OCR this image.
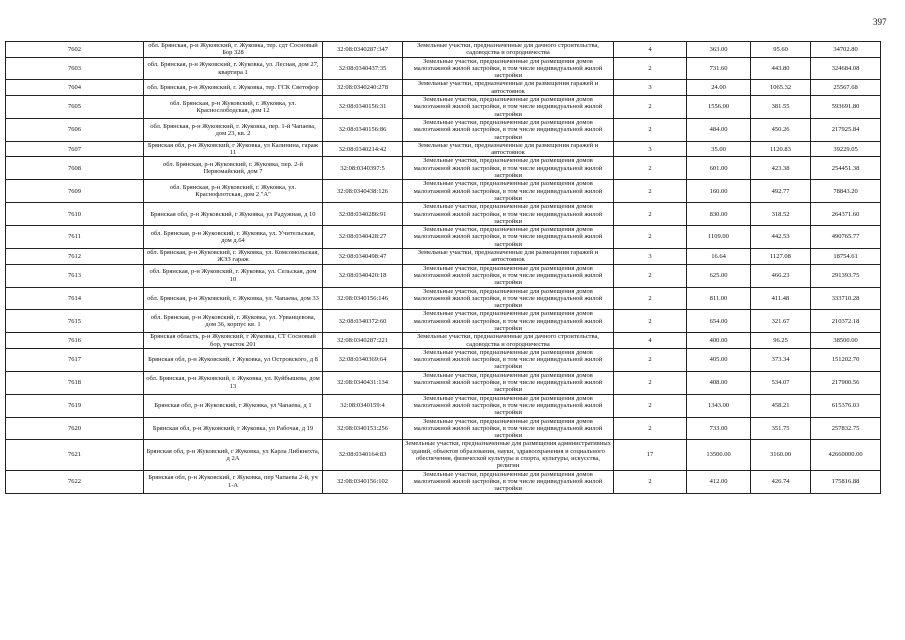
397
7602	обл. Брянская, р-н Жуковский, г. Жуковка, тер. сдт Сосновый Бор 328	32:08:0340287:347	Земельные участки, предназначенные для дачного строительства, садоводства и огородничества	4	363.00	95.60	34702.80
7603	обл. Брянская, р-н Жуковский, г. Жуковка, ул. Лесная, дом 27, квартира 1	32:08:0340437:35	Земельные участки, предназначенные для размещения домов малоэтажной жилой застройки, в том числе индивидуальной жилой застройки	2	731.60	443.80	324684.08
7604	обл. Брянская, р-н Жуковский, г. Жуковка, тер. ГСК Светофор	32:08:0340240:278	Земельные участки, предназначенные для размещения гаражей и автостоянок	3	24.00	1065.32	25567.68
7605	обл. Брянская, р-н Жуковский, г. Жуковка, ул. Краснослободская, дом 12	32:08:0340156:31	Земельные участки, предназначенные для размещения домов малоэтажной жилой застройки, в том числе индивидуальной жилой застройки	2	1556.00	381.55	593691.80
7606	обл. Брянская, р-н Жуковский, г. Жуковка, пер. 1-й Чапаева, дом 23, кв. 2	32:08:0340156:86	Земельные участки, предназначенные для размещения домов малоэтажной жилой застройки, в том числе индивидуальной жилой застройки	2	484.00	450.26	217925.84
7607	Брянская обл, р-н Жуковский, г Жуковка, ул Калинина, гараж 11	32:08:0340214:42	Земельные участки, предназначенные для размещения гаражей и автостоянок	3	35.00	1120.83	39229.05
7608	обл. Брянская, р-н Жуковский, г. Жуковка, пер. 2-й Первомайский, дом 7	32:08:0340397:5	Земельные участки, предназначенные для размещения домов малоэтажной жилой застройки, в том числе индивидуальной жилой застройки	2	601.00	423.38	254451.38
7609	обл. Брянская, р-н Жуковский, г. Жуковка, ул. Краснофлотская, дом 2 "А"	32:08:0340438:126	Земельные участки, предназначенные для размещения домов малоэтажной жилой застройки, в том числе индивидуальной жилой застройки	2	160.00	492.77	78843.20
7610	Брянская обл, р-н Жуковский, г Жуковка, ул Радужная, д 10	32:08:0340286:91	Земельные участки, предназначенные для размещения домов малоэтажной жилой застройки, в том числе индивидуальной жилой застройки	2	830.00	318.52	264371.60
7611	обл. Брянская, р-н Жуковский, г. Жуковка, ул. Учительская, дом д.64	32:08:0340428:27	Земельные участки, предназначенные для размещения домов малоэтажной жилой застройки, в том числе индивидуальной жилой застройки	2	1109.00	442.53	490765.77
7612	обл. Брянская, р-н Жуковский, г. Жуковка, ул. Комсомольская, ЖЭЗ гараж	32:08:0340498:47	Земельные участки, предназначенные для размещения гаражей и автостоянок	3	16.64	1127.08	18754.61
7613	обл. Брянская, р-н Жуковский, г. Жуковка, ул. Сельская, дом 10	32:08:0340420:18	Земельные участки, предназначенные для размещения домов малоэтажной жилой застройки, в том числе индивидуальной жилой застройки	2	625.00	466.23	291393.75
7614	обл. Брянская, р-н Жуковский, г. Жуковка, ул. Чапаева, дом 33	32:08:0340156:146	Земельные участки, предназначенные для размещения домов малоэтажной жилой застройки, в том числе индивидуальной жилой застройки	2	811.00	411.48	333710.28
7615	обл. Брянская, р-н Жуковский, г. Жуковка, ул. Урванцевова, дом 36, корпус кв. 1	32:08:0340372:60	Земельные участки, предназначенные для размещения домов малоэтажной жилой застройки, в том числе индивидуальной жилой застройки	2	654.00	321.67	210372.18
7616	Брянская область, р-н Жуковский, г Жуковка, СТ Сосновый бор, участок 201	32:08:0340287:221	Земельные участки, предназначенные для дачного строительства, садоводства и огородничества	4	400.00	96.25	38500.00
7617	Брянская обл, р-н Жуковский, г Жуковка, ул Островского, д 8	32:08:0340369:64	Земельные участки, предназначенные для размещения домов малоэтажной жилой застройки, в том числе индивидуальной жилой застройки	2	405.00	373.34	151202.70
7618	обл. Брянская, р-н Жуковский, г. Жуковка, ул. Куйбышева, дом 13	32:08:0340431:134	Земельные участки, предназначенные для размещения домов малоэтажной жилой застройки, в том числе индивидуальной жилой застройки	2	408.00	534.07	217900.56
7619	Брянская обл, р-н Жуковский, г Жуковка, ул Чапаева, д 1	32:08:0340159:4	Земельные участки, предназначенные для размещения домов малоэтажной жилой застройки, в том числе индивидуальной жилой застройки	2	1343.00	458.21	615376.03
7620	Брянская обл, р-н Жуковский, г Жуковка, ул Рабочая, д 19	32:08:0340153:256	Земельные участки, предназначенные для размещения домов малоэтажной жилой застройки, в том числе индивидуальной жилой застройки	2	733.00	351.75	257832.75
7621	Брянская обл, р-н Жуковский, г Жуковка, ул Карла Либкнехта, д 2А	32:08:0340164:83	Земельные участки, предназначенные для размещения административных зданий, объектов образования, науки, здравоохранения и социального обеспечения, физической культуры и спорта, культуры, искусства, религии	17	13500.00	3160.00	42660000.00
7622	Брянская обл, р-н Жуковский, г Жуковка, пер Чапаева 2-й, уч 1-А	32:08:0340156:102	Земельные участки, предназначенные для размещения домов малоэтажной жилой застройки, в том числе индивидуальной жилой застройки	2	412.00	426.74	175816.88
